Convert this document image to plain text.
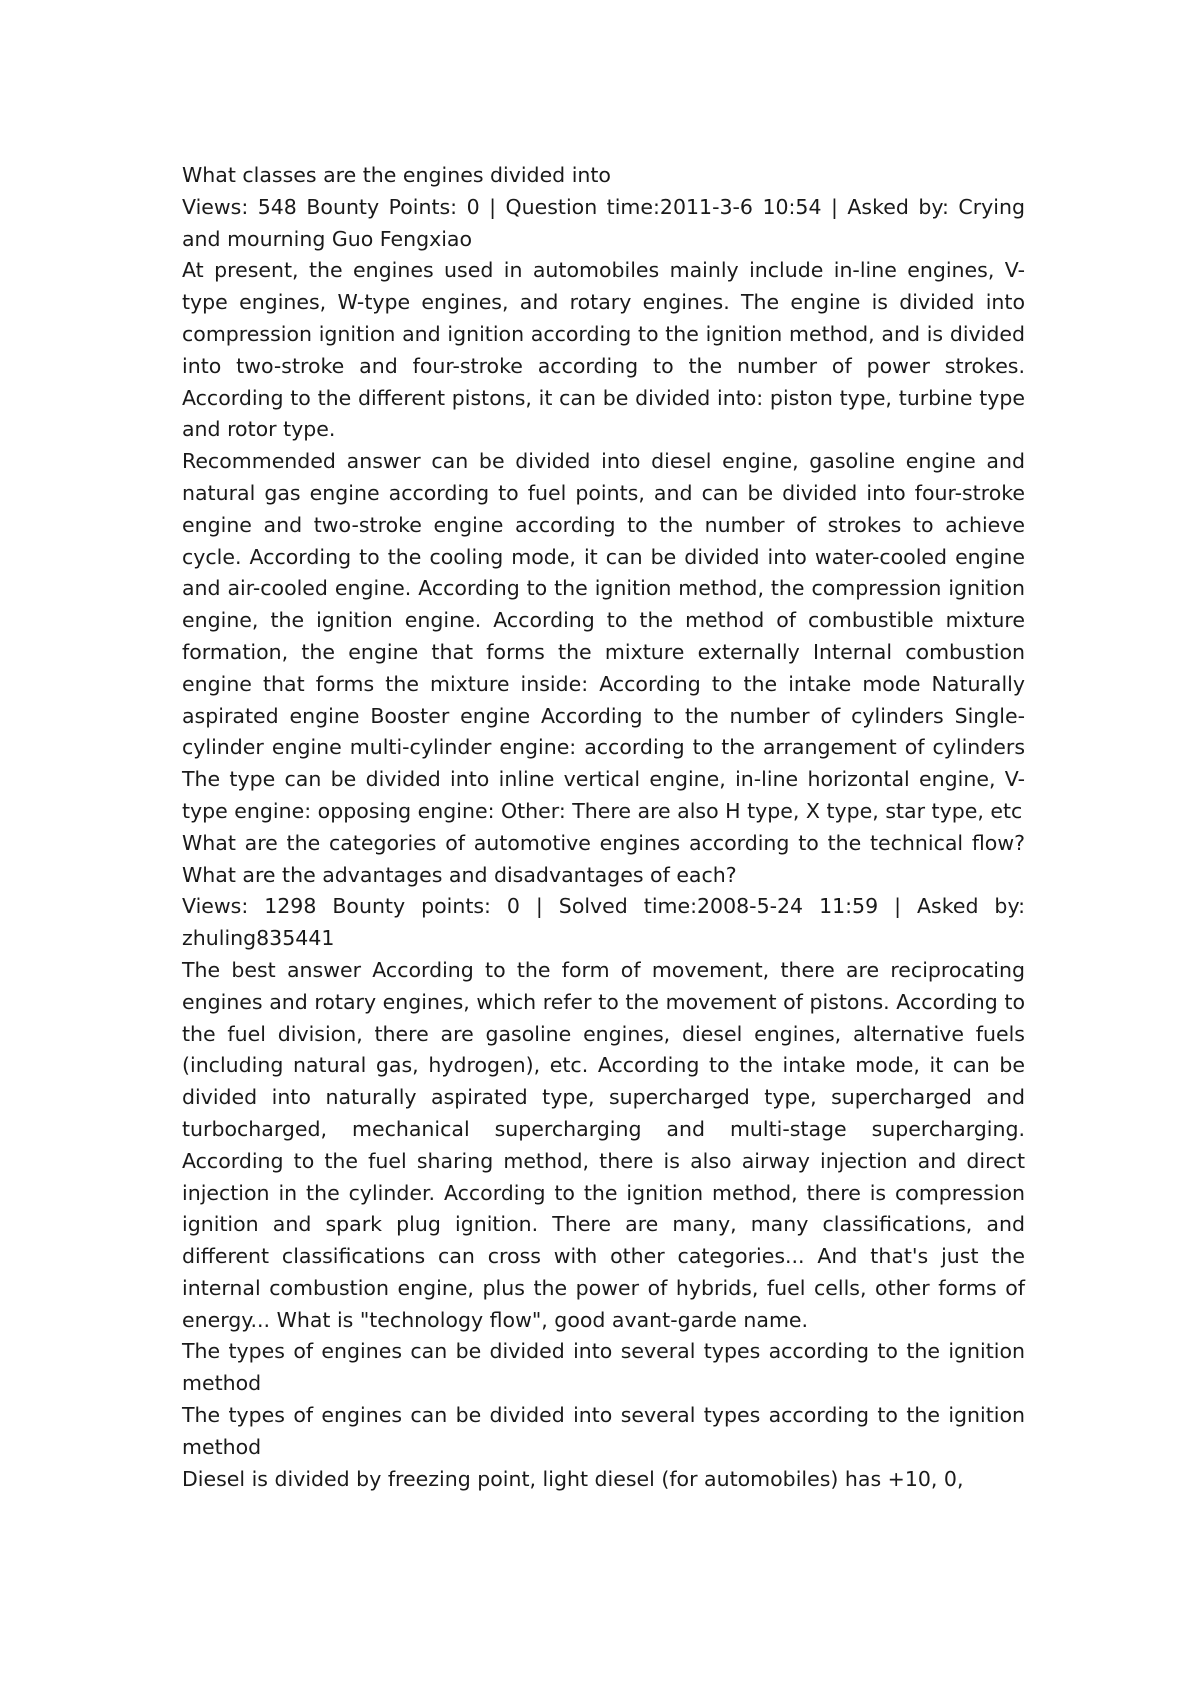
What classes are the engines divided into

Views: 548 Bounty Points: 0 | Question time:2011-3-6 10:54 | Asked by: Crying and mourning Guo Fengxiao

At present, the engines used in automobiles mainly include in-line engines, V-type engines, W-type engines, and rotary engines. The engine is divided into compression ignition and ignition according to the ignition method, and is divided into two-stroke and four-stroke according to the number of power strokes. According to the different pistons, it can be divided into: piston type, turbine type and rotor type.

Recommended answer can be divided into diesel engine, gasoline engine and natural gas engine according to fuel points, and can be divided into four-stroke engine and two-stroke engine according to the number of strokes to achieve cycle. According to the cooling mode, it can be divided into water-cooled engine and air-cooled engine. According to the ignition method, the compression ignition engine, the ignition engine. According to the method of combustible mixture formation, the engine that forms the mixture externally Internal combustion engine that forms the mixture inside: According to the intake mode Naturally aspirated engine Booster engine According to the number of cylinders Single-cylinder engine multi-cylinder engine: according to the arrangement of cylinders The type can be divided into inline vertical engine, in-line horizontal engine, V-type engine: opposing engine: Other: There are also H type, X type, star type, etc

What are the categories of automotive engines according to the technical flow? What are the advantages and disadvantages of each?

Views: 1298 Bounty points: 0 | Solved time:2008-5-24 11:59 | Asked by: zhuling835441

The best answer According to the form of movement, there are reciprocating engines and rotary engines, which refer to the movement of pistons. According to the fuel division, there are gasoline engines, diesel engines, alternative fuels (including natural gas, hydrogen), etc. According to the intake mode, it can be divided into naturally aspirated type, supercharged type, supercharged and turbocharged, mechanical supercharging and multi-stage supercharging. According to the fuel sharing method, there is also airway injection and direct injection in the cylinder. According to the ignition method, there is compression ignition and spark plug ignition. There are many, many classifications, and different classifications can cross with other categories... And that's just the internal combustion engine, plus the power of hybrids, fuel cells, other forms of energy... What is "technology flow", good avant-garde name.

The types of engines can be divided into several types according to the ignition method

The types of engines can be divided into several types according to the ignition method

Diesel is divided by freezing point, light diesel (for automobiles) has +10, 0,
